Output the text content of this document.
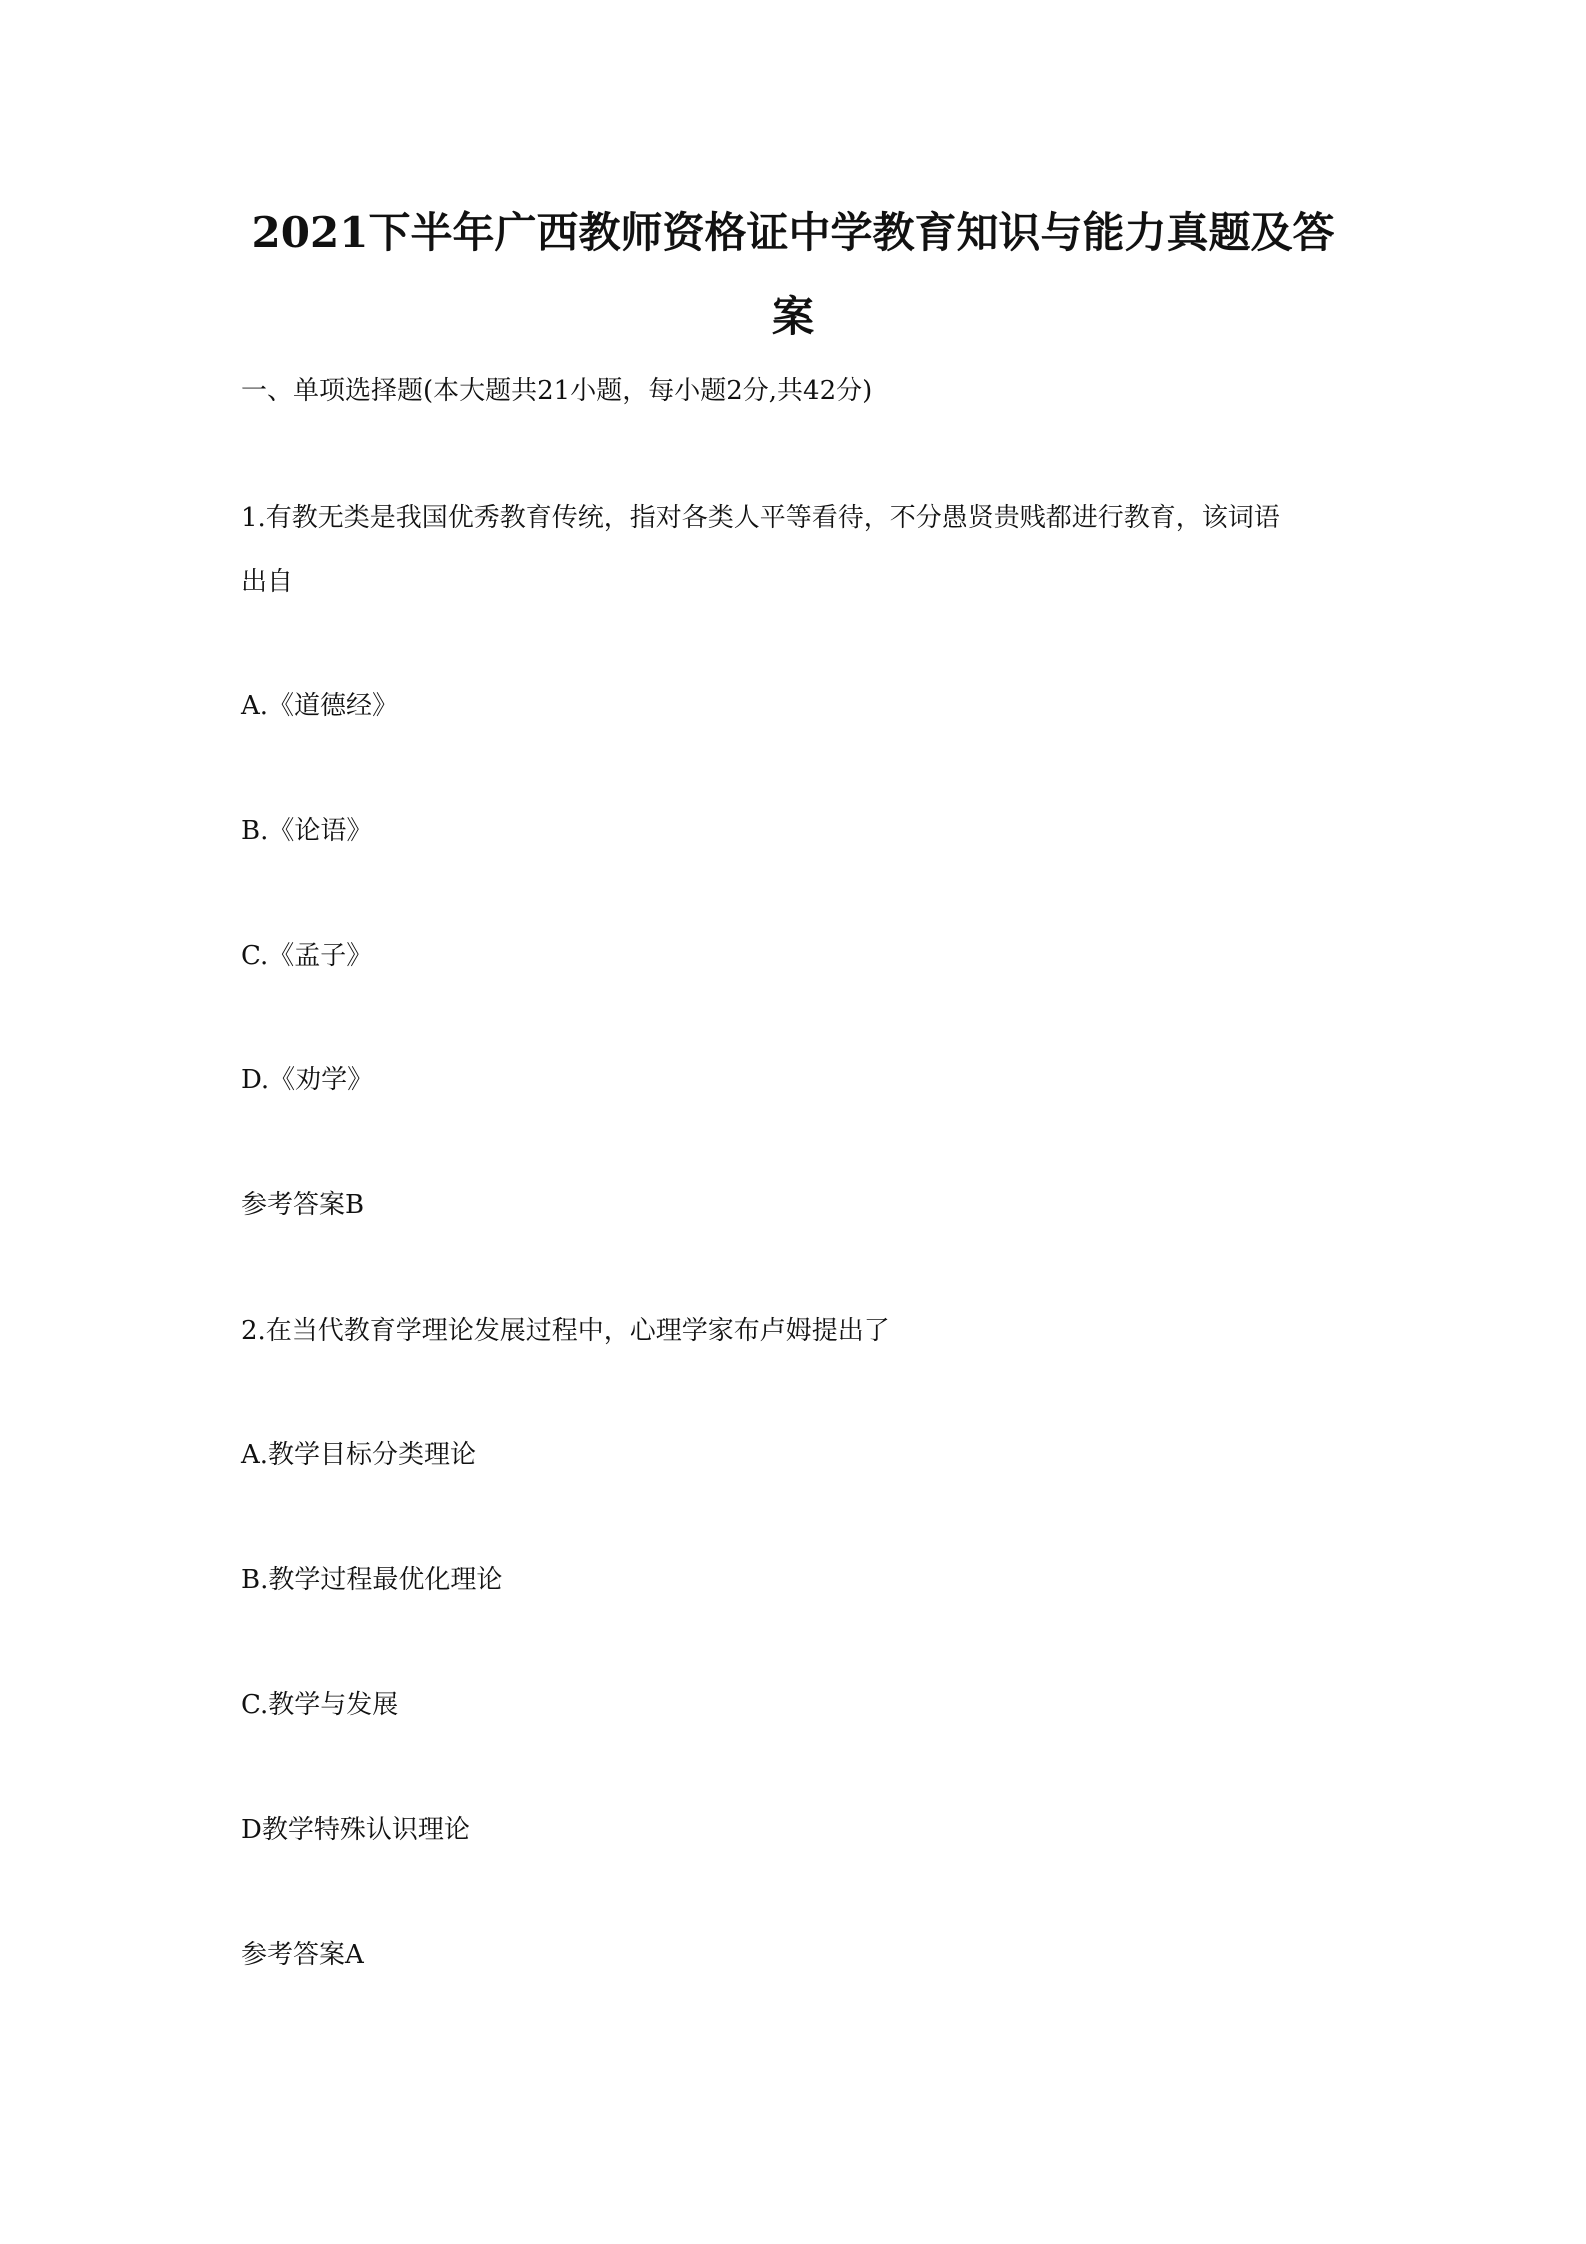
2021下半年广西教师资格证中学教育知识与能力真题及答
案

一、单项选择题(本大题共21小题，每小题2分,共42分)

1.有教无类是我国优秀教育传统，指对各类人平等看待，不分愚贤贵贱都进行教育，该词语

出自

A.《道德经》

B.《论语》

C.《孟子》

D.《劝学》

参考答案B

2.在当代教育学理论发展过程中，心理学家布卢姆提出了

A.教学目标分类理论

B.教学过程最优化理论

C.教学与发展

D教学特殊认识理论

参考答案A
